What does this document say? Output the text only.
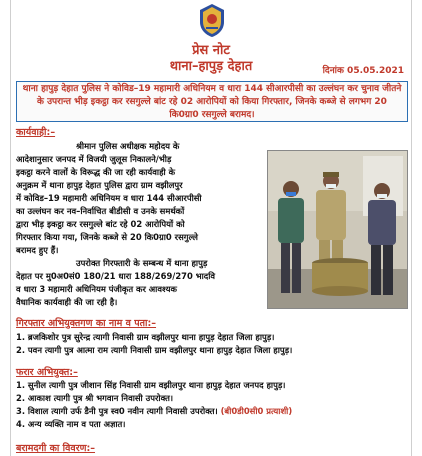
प्रेस नोट
थाना–हापुड़ देहात	दिनांक 05.05.2021
थाना हापुड़ देहात पुलिस ने कोविड–19 महामारी अधिनियम व धारा 144 सीआरपीसी का उल्लंघन कर चुनाव जीतने के उपरान्त भीड़ इकट्ठा कर रसगुल्ले बांट रहे 02 आरोपियों को किया गिरफ्तार, जिनके कब्जे से लगभग 20 कि0ग्रा0 रसगुल्ले बरामद।
कार्यवाही:–
श्रीमान पुलिस अधीक्षक महोदय के
आदेशानुसार जनपद में विजयी जुलूस निकालने/भीड़
इकट्ठा करने वालों के विरूद्ध की जा रही कार्यवाही के
अनुक्रम में थाना हापुड़ देहात पुलिस द्वारा ग्राम वझीलपुर
में कोविड–19 महामारी अधिनियम व धारा 144 सीआरपीसी
का उल्लंघन कर नव–निर्वाचित बीडीसी व उनके समर्थकों
द्वारा भीड़ इकट्ठा कर रसगुल्ले बांट रहे 02 आरोपियों को
गिरफ्तार किया गया, जिनके कब्जे से 20 कि0ग्रा0 रसगुल्ले
बरामद हुए हैं।
उपरोक्त गिरफ्तारी के सम्बन्ध में थाना हापुड़
देहात पर मु0अ0सं0 180/21 धारा 188/269/270 भादवि
व धारा 3 महामारी अधिनियम पंजीकृत कर आवश्यक
वैधानिक कार्यवाही की जा रही है।
गिरफ्तार अभियुक्तगण का नाम व पता:–
1. ब्रजकिशोर पुत्र सुरेन्द्र त्यागी निवासी ग्राम वझीलपुर थाना हापुड़ देहात जिला हापुड़।
2. पवन त्यागी पुत्र आत्मा राम त्यागी निवासी ग्राम वझीलपुर थाना हापुड़ देहात जिला हापुड़।
फरार अभियुक्त:–
1. सुनील त्यागी पुत्र जीशान सिंह निवासी ग्राम वझीलपुर थाना हापुड़ देहात जनपद हापुड़।
2. आकाश त्यागी पुत्र श्री भगवान निवासी उपरोक्त।
3. विशाल त्यागी उर्फ डैनी पुत्र स्व0 नवीन त्यागी निवासी उपरोक्त। (बी0डी0सी0 प्रत्याशी)
4. अन्य व्यक्ति नाम व पता अज्ञात।
बरामदगी का विवरण:–
